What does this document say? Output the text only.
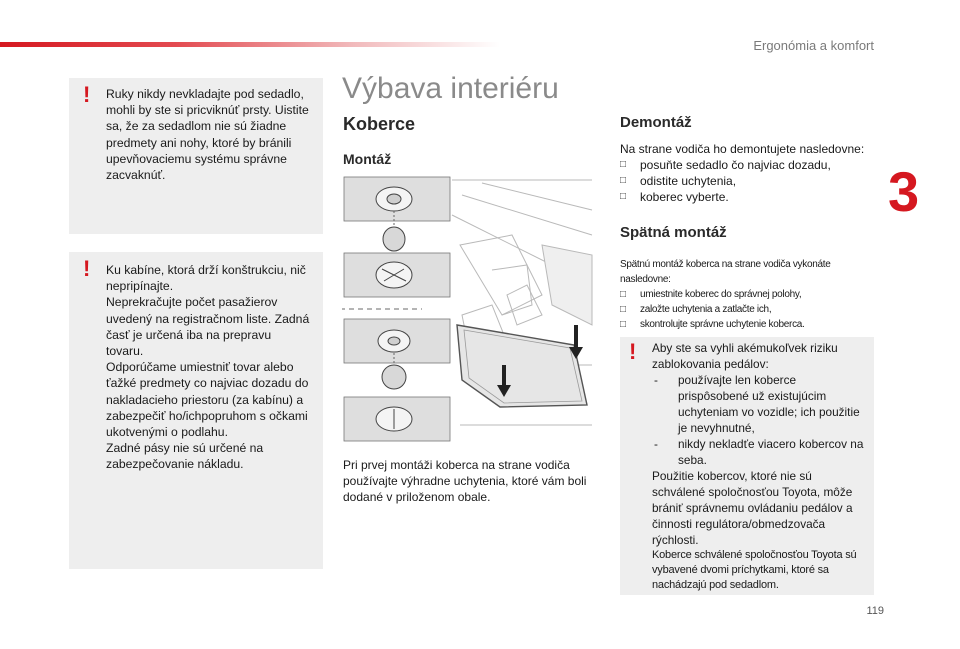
Ergonómia a komfort
3
! Ruky nikdy nevkladajte pod sedadlo, mohli by ste si pricviknúť prsty. Uistite sa, že za sedadlom nie sú žiadne predmety ani nohy, ktoré by bránili upevňovaciemu systému správne zacvaknúť.
! Ku kabíne, ktorá drží konštrukciu, nič nepripínajte.
Neprekračujte počet pasažierov uvedený na registračnom liste. Zadná časť je určená iba na prepravu tovaru.
Odporúčame umiestniť tovar alebo ťažké predmety co najviac dozadu do nakladacieho priestoru (za kabínu) a zabezpečiť ho/ichpopruhom s očkami ukotvenými o podlahu.
Zadné pásy nie sú určené na zabezpečovanie nákladu.
Výbava interiéru
Koberce
Montáž
Pri prvej montáži koberca na strane vodiča používajte výhradne uchytenia, ktoré vám boli dodané v priloženom obale.
Demontáž
Na strane vodiča ho demontujete nasledovne:
□ posuňte sedadlo čo najviac dozadu,
□ odistite uchytenia,
□ koberec vyberte.
Spätná montáž
Spätnú montáž koberca na strane vodiča vykonáte nasledovne:
□ umiestnite koberec do správnej polohy,
□ založte uchytenia a zatlačte ich,
□ skontrolujte správne uchytenie koberca.
! Aby ste sa vyhli akémukoľvek riziku zablokovania pedálov:
- používajte len koberce prispôsobené už existujúcim uchyteniam vo vozidle; ich použitie je nevyhnutné,
- nikdy nekladťe viacero kobercov na seba.
Použitie kobercov, ktoré nie sú schválené spoločnosťou Toyota, môže brániť správnemu ovládaniu pedálov a činnosti regulátora/obmedzovača rýchlosti.
Koberce schválené spoločnosťou Toyota sú vybavené dvomi príchytkami, ktoré sa nachádzajú pod sedadlom.
119
